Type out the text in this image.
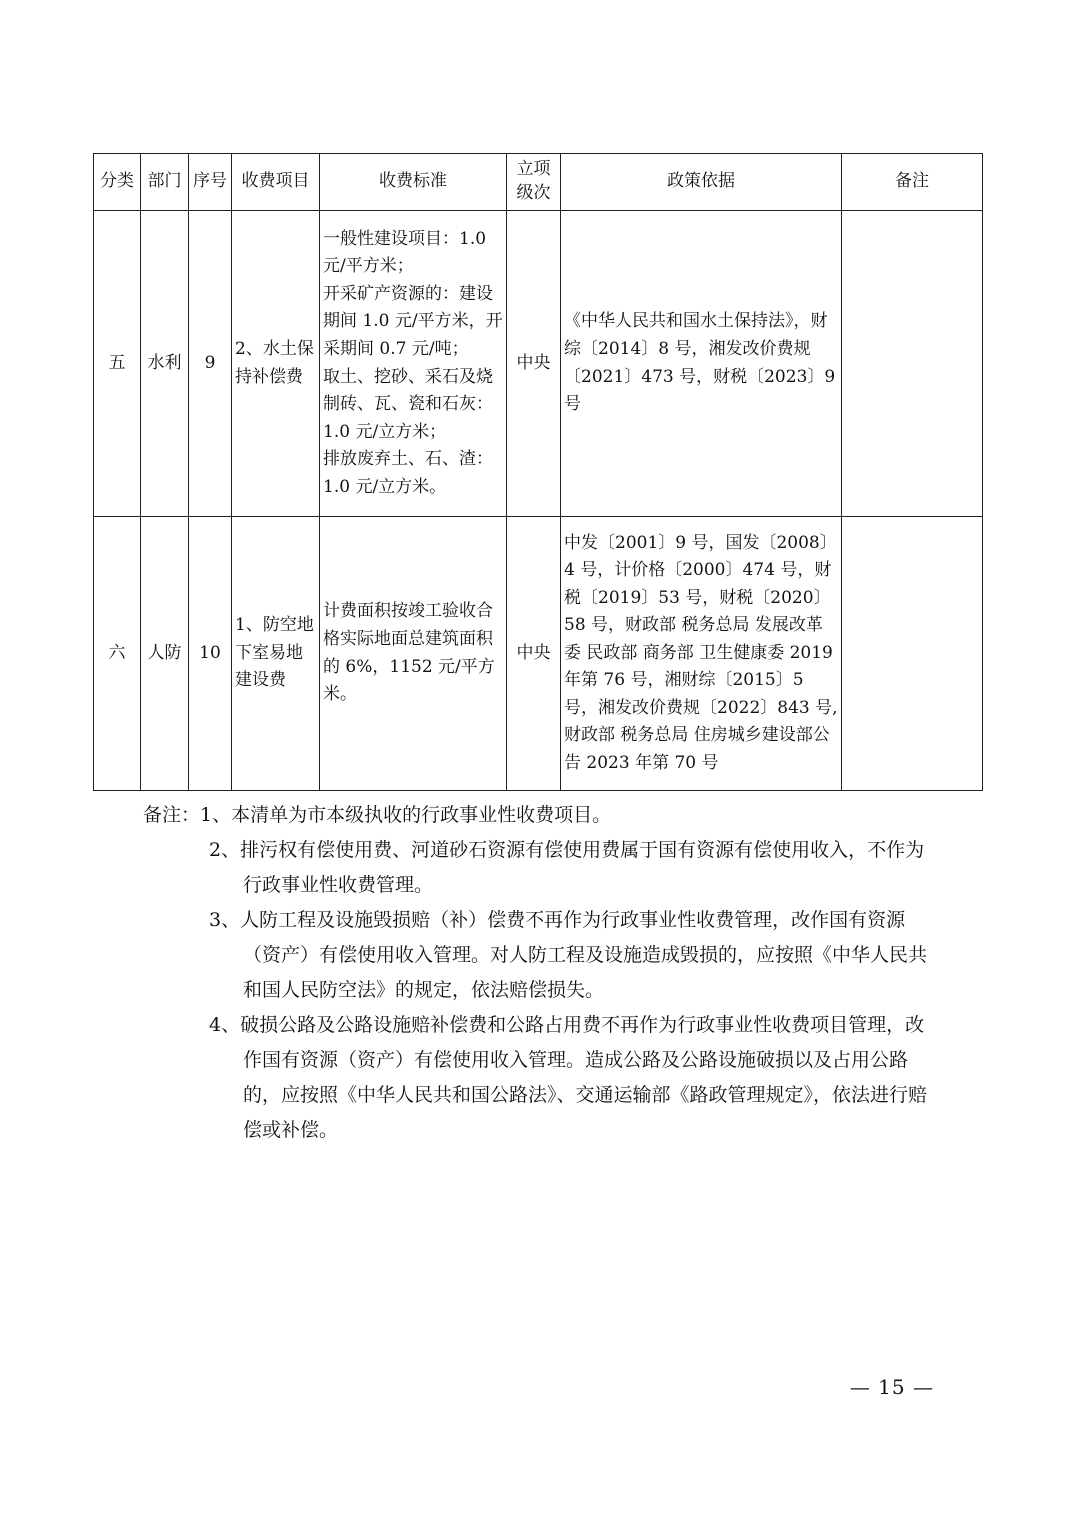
分类	部门	序号	收费项目	收费标准	立项级次	政策依据	备注
五	水利	9	2、水土保持补偿费	一般性建设项目：1.0元/平方米；
开采矿产资源的：建设期间 1.0 元/平方米，开采期间 0.7 元/吨；
取土、挖砂、采石及烧制砖、瓦、瓷和石灰：1.0 元/立方米；
排放废弃土、石、渣：1.0 元/立方米。	中央	《中华人民共和国水土保持法》，财综〔2014〕8 号，湘发改价费规〔2021〕473 号，财税〔2023〕9号	
六	人防	10	1、防空地下室易地建设费	计费面积按竣工验收合格实际地面总建筑面积的 6%，1152 元/平方米。	中央	中发〔2001〕9 号，国发〔2008〕4 号，计价格〔2000〕474 号，财税〔2019〕53 号，财税〔2020〕58 号，财政部 税务总局 发展改革委 民政部 商务部 卫生健康委 2019 年第 76 号，湘财综〔2015〕5 号，湘发改价费规〔2022〕843 号,财政部 税务总局 住房城乡建设部公告 2023 年第 70 号	
备注：1、本清单为市本级执收的行政事业性收费项目。
2、排污权有偿使用费、河道砂石资源有偿使用费属于国有资源有偿使用收入，不作为行政事业性收费管理。
3、人防工程及设施毁损赔（补）偿费不再作为行政事业性收费管理，改作国有资源（资产）有偿使用收入管理。对人防工程及设施造成毁损的，应按照《中华人民共和国人民防空法》的规定，依法赔偿损失。
4、破损公路及公路设施赔补偿费和公路占用费不再作为行政事业性收费项目管理，改作国有资源（资产）有偿使用收入管理。造成公路及公路设施破损以及占用公路的，应按照《中华人民共和国公路法》、交通运输部《路政管理规定》，依法进行赔偿或补偿。
— 15 —
